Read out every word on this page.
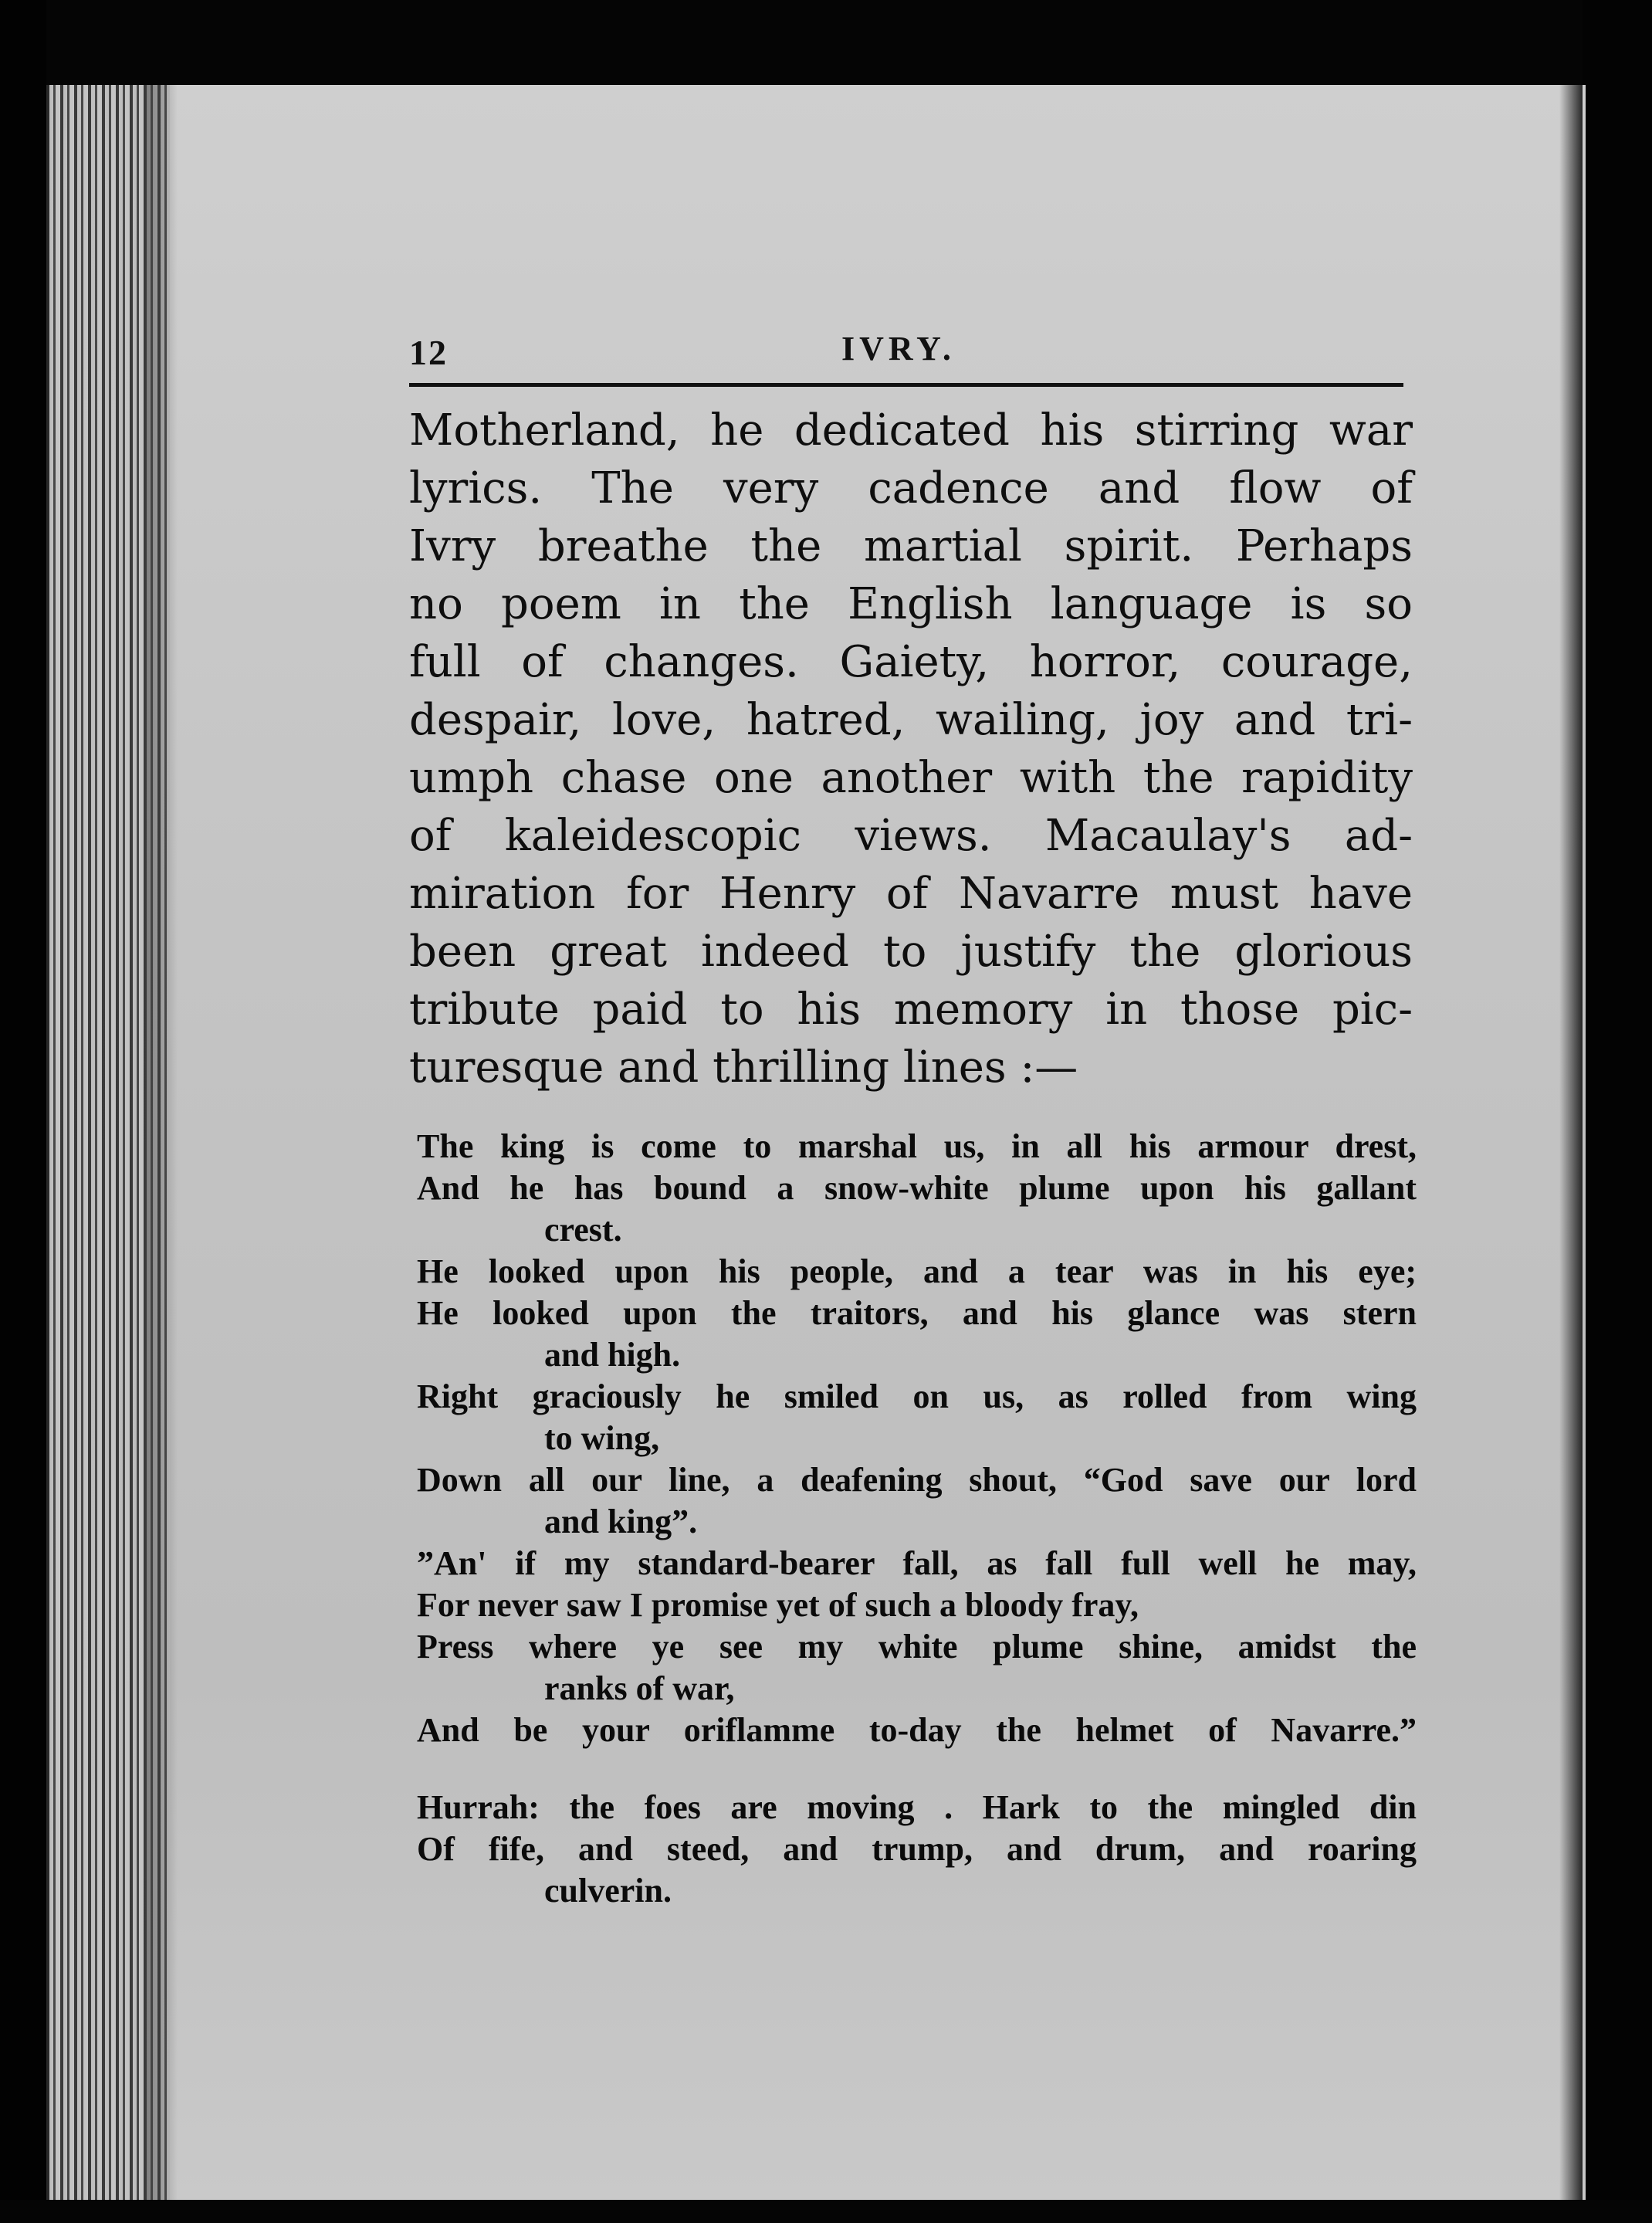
12	IVRY.
Motherland, he dedicated his stirring war
lyrics. The very cadence and flow of
Ivry breathe the martial spirit. Perhaps
no poem in the English language is so
full of changes. Gaiety, horror, courage,
despair, love, hatred, wailing, joy and tri-
umph chase one another with the rapidity
of kaleidescopic views. Macaulay's ad-
miration for Henry of Navarre must have
been great indeed to justify the glorious
tribute paid to his memory in those pic-
turesque and thrilling lines :—
The king is come to marshal us, in all his armour drest,
And he has bound a snow-white plume upon his gallant
crest.
He looked upon his people, and a tear was in his eye;
He looked upon the traitors, and his glance was stern
and high.
Right graciously he smiled on us, as rolled from wing
to wing,
Down all our line, a deafening shout, “God save our lord
and king”.
”An' if my standard-bearer fall, as fall full well he may,
For never saw I promise yet of such a bloody fray,
Press where ye see my white plume shine, amidst the
ranks of war,
And be your oriflamme to-day the helmet of Navarre.”
Hurrah: the foes are moving . Hark to the mingled din
Of fife, and steed, and trump, and drum, and roaring
culverin.
